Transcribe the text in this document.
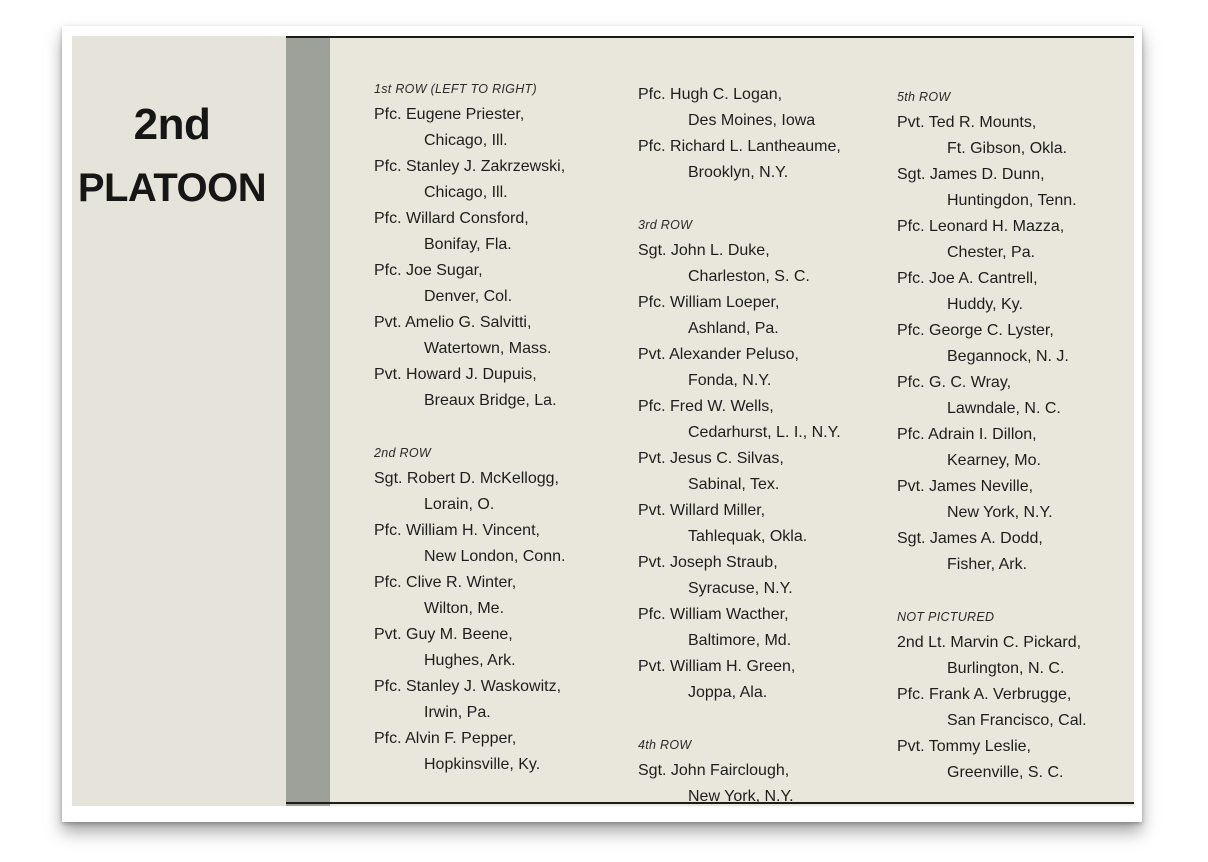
2nd
PLATOON
1st ROW (LEFT TO RIGHT)
Pfc. Eugene Priester,
Chicago, Ill.
Pfc. Stanley J. Zakrzewski,
Chicago, Ill.
Pfc. Willard Consford,
Bonifay, Fla.
Pfc. Joe Sugar,
Denver, Col.
Pvt. Amelio G. Salvitti,
Watertown, Mass.
Pvt. Howard J. Dupuis,
Breaux Bridge, La.
2nd ROW
Sgt. Robert D. McKellogg,
Lorain, O.
Pfc. William H. Vincent,
New London, Conn.
Pfc. Clive R. Winter,
Wilton, Me.
Pvt. Guy M. Beene,
Hughes, Ark.
Pfc. Stanley J. Waskowitz,
Irwin, Pa.
Pfc. Alvin F. Pepper,
Hopkinsville, Ky.
Pfc. Hugh C. Logan,
Des Moines, Iowa
Pfc. Richard L. Lantheaume,
Brooklyn, N.Y.
3rd ROW
Sgt. John L. Duke,
Charleston, S. C.
Pfc. William Loeper,
Ashland, Pa.
Pvt. Alexander Peluso,
Fonda, N.Y.
Pfc. Fred W. Wells,
Cedarhurst, L. I., N.Y.
Pvt. Jesus C. Silvas,
Sabinal, Tex.
Pvt. Willard Miller,
Tahlequak, Okla.
Pvt. Joseph Straub,
Syracuse, N.Y.
Pfc. William Wacther,
Baltimore, Md.
Pvt. William H. Green,
Joppa, Ala.
4th ROW
Sgt. John Fairclough,
New York, N.Y.
5th ROW
Pvt. Ted R. Mounts,
Ft. Gibson, Okla.
Sgt. James D. Dunn,
Huntingdon, Tenn.
Pfc. Leonard H. Mazza,
Chester, Pa.
Pfc. Joe A. Cantrell,
Huddy, Ky.
Pfc. George C. Lyster,
Begannock, N. J.
Pfc. G. C. Wray,
Lawndale, N. C.
Pfc. Adrain I. Dillon,
Kearney, Mo.
Pvt. James Neville,
New York, N.Y.
Sgt. James A. Dodd,
Fisher, Ark.
NOT PICTURED
2nd Lt. Marvin C. Pickard,
Burlington, N. C.
Pfc. Frank A. Verbrugge,
San Francisco, Cal.
Pvt. Tommy Leslie,
Greenville, S. C.
